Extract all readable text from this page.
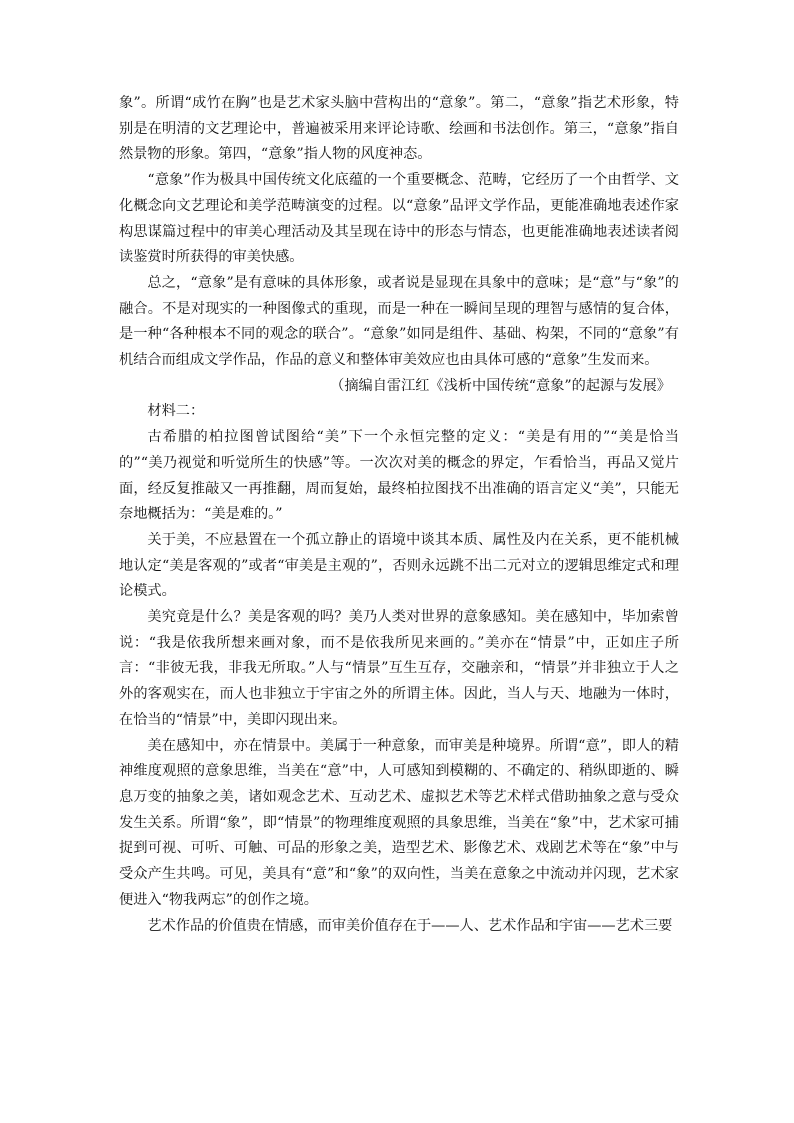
象”。所谓“成竹在胸”也是艺术家头脑中营构出的“意象”。第二，“意象”指艺术形象，特别是在明清的文艺理论中，普遍被采用来评论诗歌、绘画和书法创作。第三，“意象”指自然景物的形象。第四，“意象”指人物的风度神态。

“意象”作为极具中国传统文化底蕴的一个重要概念、范畴，它经历了一个由哲学、文化概念向文艺理论和美学范畴演变的过程。以“意象”品评文学作品，更能准确地表述作家构思谋篇过程中的审美心理活动及其呈现在诗中的形态与情态，也更能准确地表述读者阅读鉴赏时所获得的审美快感。

总之，“意象”是有意味的具体形象，或者说是显现在具象中的意味；是“意”与“象”的融合。不是对现实的一种图像式的重现，而是一种在一瞬间呈现的理智与感情的复合体，是一种“各种根本不同的观念的联合”。“意象”如同是组件、基础、构架，不同的“意象”有机结合而组成文学作品，作品的意义和整体审美效应也由具体可感的“意象”生发而来。

（摘编自雷江红《浅析中国传统“意象”的起源与发展》

材料二：

古希腊的柏拉图曾试图给“美”下一个永恒完整的定义：“美是有用的”“美是恰当的”“美乃视觉和听觉所生的快感”等。一次次对美的概念的界定，乍看恰当，再品又觉片面，经反复推敲又一再推翻，周而复始，最终柏拉图找不出准确的语言定义“美”，只能无奈地概括为：“美是难的。”

关于美，不应悬置在一个孤立静止的语境中谈其本质、属性及内在关系，更不能机械地认定“美是客观的”或者“审美是主观的”，否则永远跳不出二元对立的逻辑思维定式和理论模式。

美究竟是什么？美是客观的吗？美乃人类对世界的意象感知。美在感知中，毕加索曾说：“我是依我所想来画对象，而不是依我所见来画的。”美亦在“情景”中，正如庄子所言：“非彼无我，非我无所取。”人与“情景”互生互存，交融亲和，“情景”并非独立于人之外的客观实在，而人也非独立于宇宙之外的所谓主体。因此，当人与天、地融为一体时，在恰当的“情景”中，美即闪现出来。

美在感知中，亦在情景中。美属于一种意象，而审美是种境界。所谓“意”，即人的精神维度观照的意象思维，当美在“意”中，人可感知到模糊的、不确定的、稍纵即逝的、瞬息万变的抽象之美，诸如观念艺术、互动艺术、虚拟艺术等艺术样式借助抽象之意与受众发生关系。所谓“象”，即“情景”的物理维度观照的具象思维，当美在“象”中，艺术家可捕捉到可视、可听、可触、可品的形象之美，造型艺术、影像艺术、戏剧艺术等在“象”中与受众产生共鸣。可见，美具有“意”和“象”的双向性，当美在意象之中流动并闪现，艺术家便进入“物我两忘”的创作之境。

艺术作品的价值贵在情感，而审美价值存在于——人、艺术作品和宇宙——艺术三要
